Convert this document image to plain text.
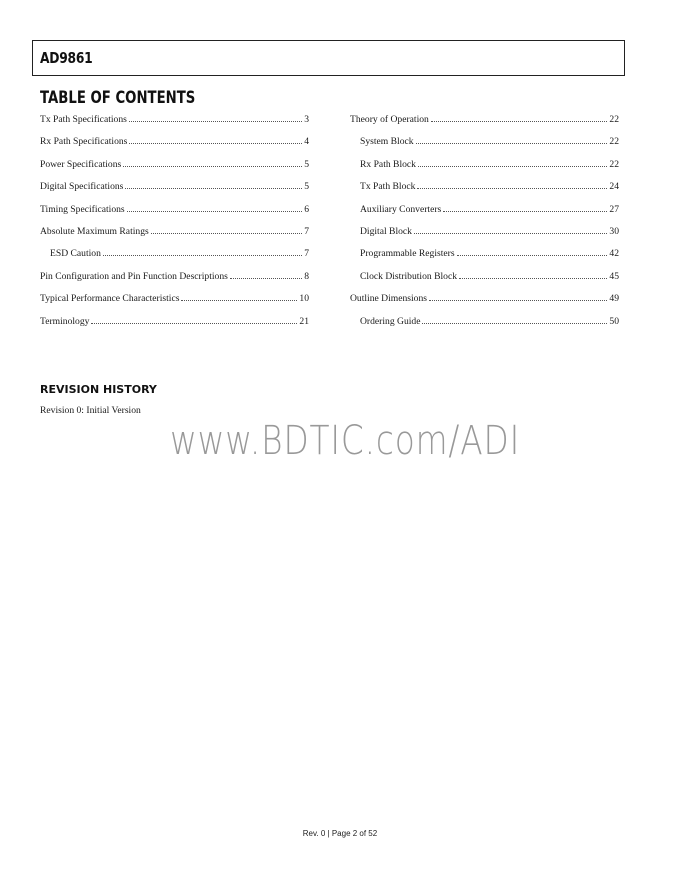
AD9861
TABLE OF CONTENTS
Tx Path Specifications	3
Rx Path Specifications	4
Power Specifications	5
Digital Specifications	5
Timing Specifications	6
Absolute Maximum Ratings	7
ESD Caution	7
Pin Configuration and Pin Function Descriptions	8
Typical Performance Characteristics	10
Terminology	21
Theory of Operation	22
System Block	22
Rx Path Block	22
Tx Path Block	24
Auxiliary Converters	27
Digital Block	30
Programmable Registers	42
Clock Distribution Block	45
Outline Dimensions	49
Ordering Guide	50
REVISION HISTORY
Revision 0: Initial Version
www.BDTIC.com/ADI
Rev. 0 | Page 2 of 52
